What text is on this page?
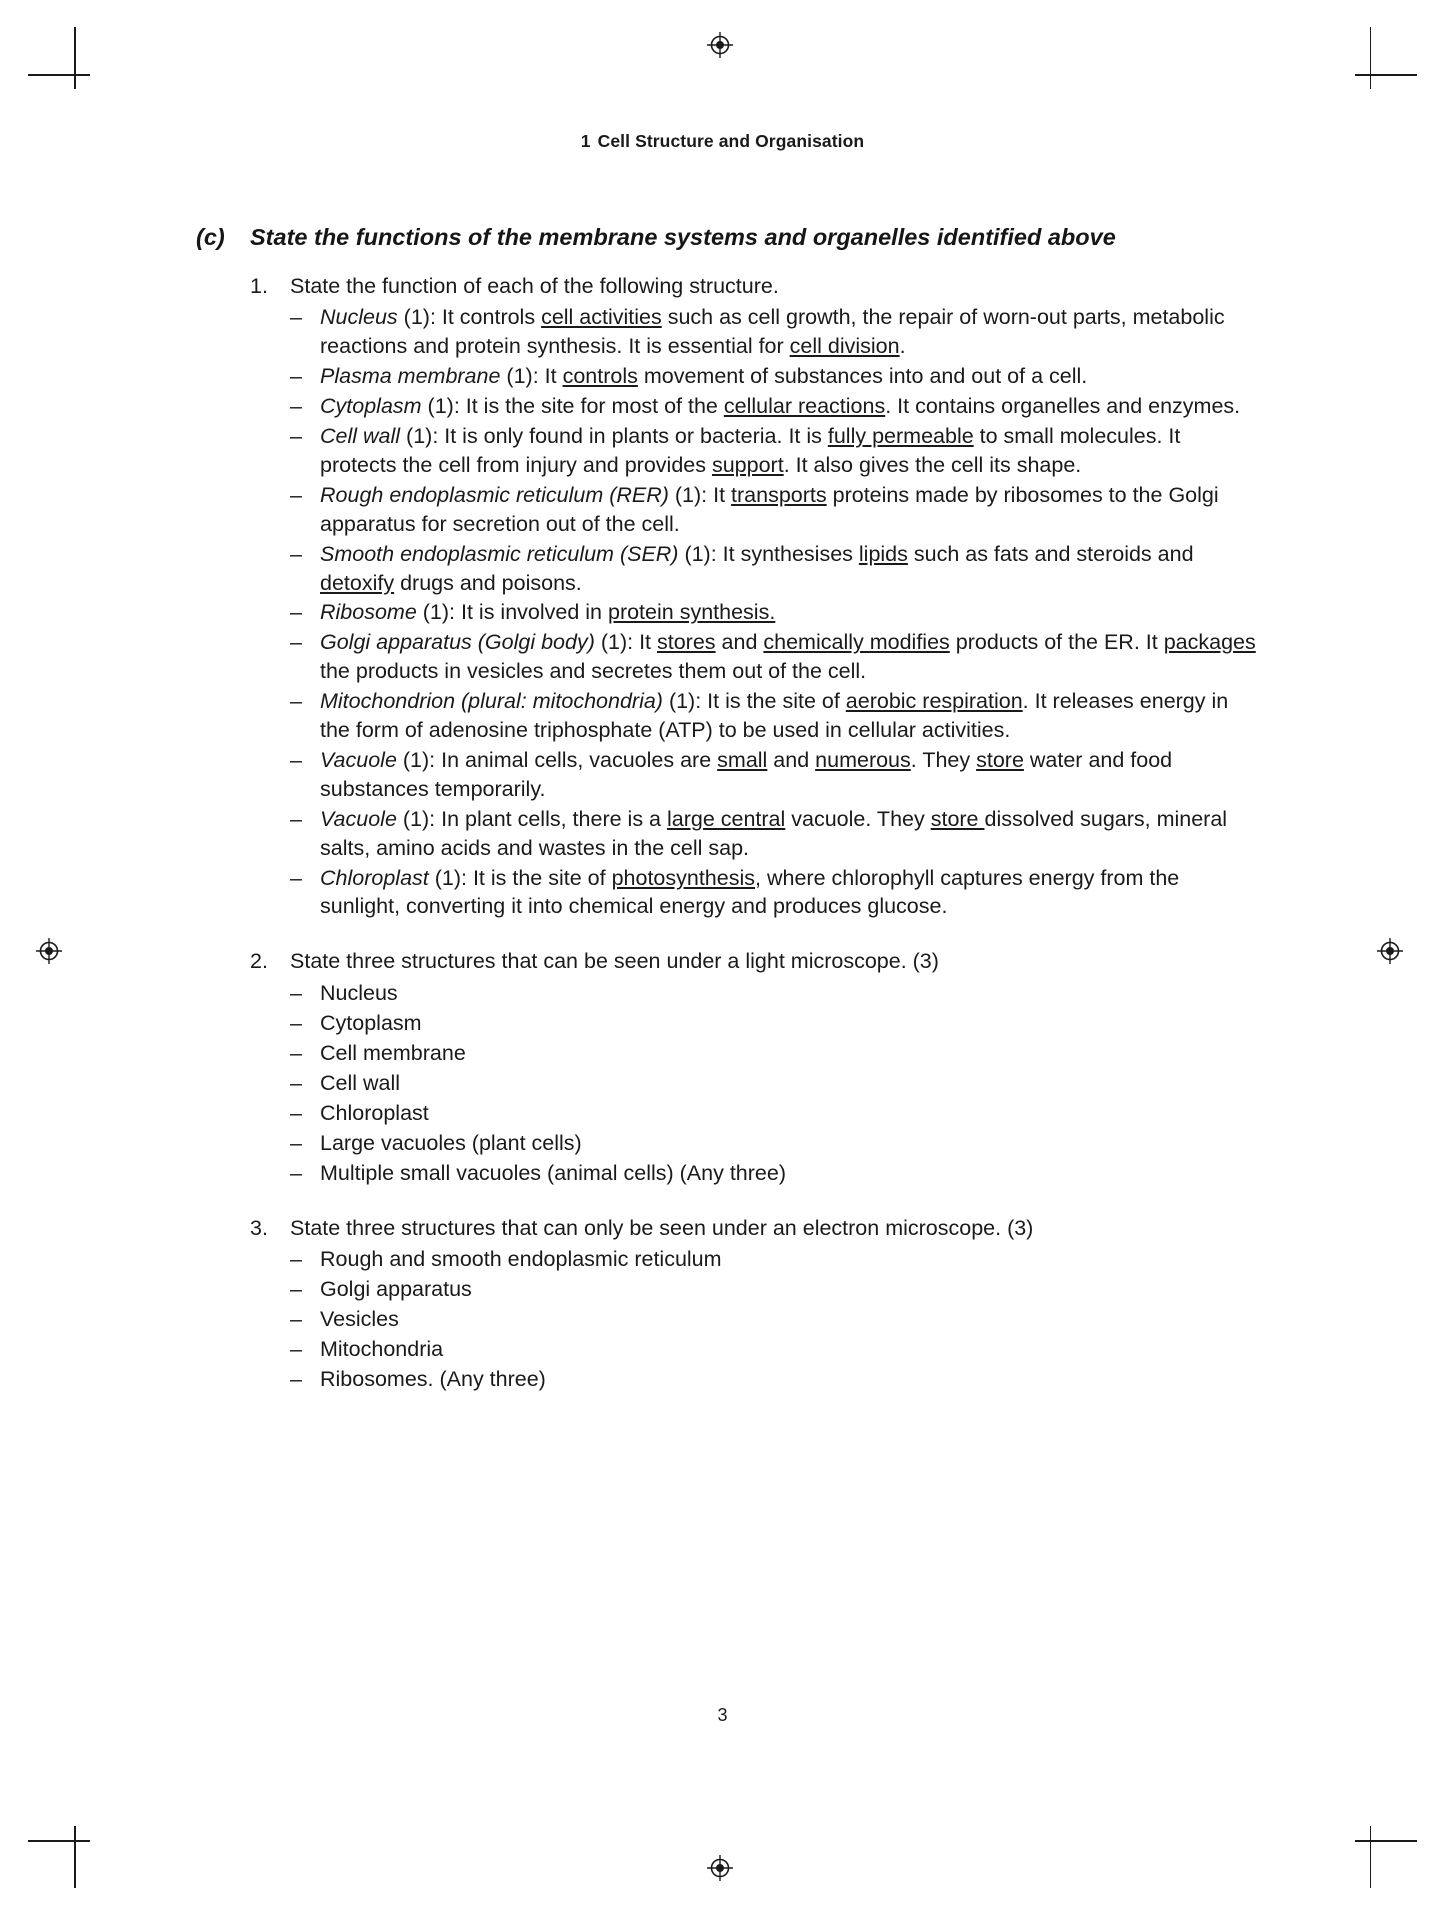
1 Cell Structure and Organisation
(c)	State the functions of the membrane systems and organelles identified above
1.	State the function of each of the following structure.
– Nucleus (1): It controls cell activities such as cell growth, the repair of worn-out parts, metabolic reactions and protein synthesis. It is essential for cell division.
– Plasma membrane (1): It controls movement of substances into and out of a cell.
– Cytoplasm (1): It is the site for most of the cellular reactions. It contains organelles and enzymes.
– Cell wall (1): It is only found in plants or bacteria. It is fully permeable to small molecules. It protects the cell from injury and provides support. It also gives the cell its shape.
– Rough endoplasmic reticulum (RER) (1): It transports proteins made by ribosomes to the Golgi apparatus for secretion out of the cell.
– Smooth endoplasmic reticulum (SER) (1): It synthesises lipids such as fats and steroids and detoxify drugs and poisons.
– Ribosome (1): It is involved in protein synthesis.
– Golgi apparatus (Golgi body) (1): It stores and chemically modifies products of the ER. It packages the products in vesicles and secretes them out of the cell.
– Mitochondrion (plural: mitochondria) (1): It is the site of aerobic respiration. It releases energy in the form of adenosine triphosphate (ATP) to be used in cellular activities.
– Vacuole (1): In animal cells, vacuoles are small and numerous. They store water and food substances temporarily.
– Vacuole (1): In plant cells, there is a large central vacuole. They store dissolved sugars, mineral salts, amino acids and wastes in the cell sap.
– Chloroplast (1): It is the site of photosynthesis, where chlorophyll captures energy from the sunlight, converting it into chemical energy and produces glucose.
2.	State three structures that can be seen under a light microscope. (3)
– Nucleus
– Cytoplasm
– Cell membrane
– Cell wall
– Chloroplast
– Large vacuoles (plant cells)
– Multiple small vacuoles (animal cells) (Any three)
3.	State three structures that can only be seen under an electron microscope. (3)
– Rough and smooth endoplasmic reticulum
– Golgi apparatus
– Vesicles
– Mitochondria
– Ribosomes. (Any three)
3
